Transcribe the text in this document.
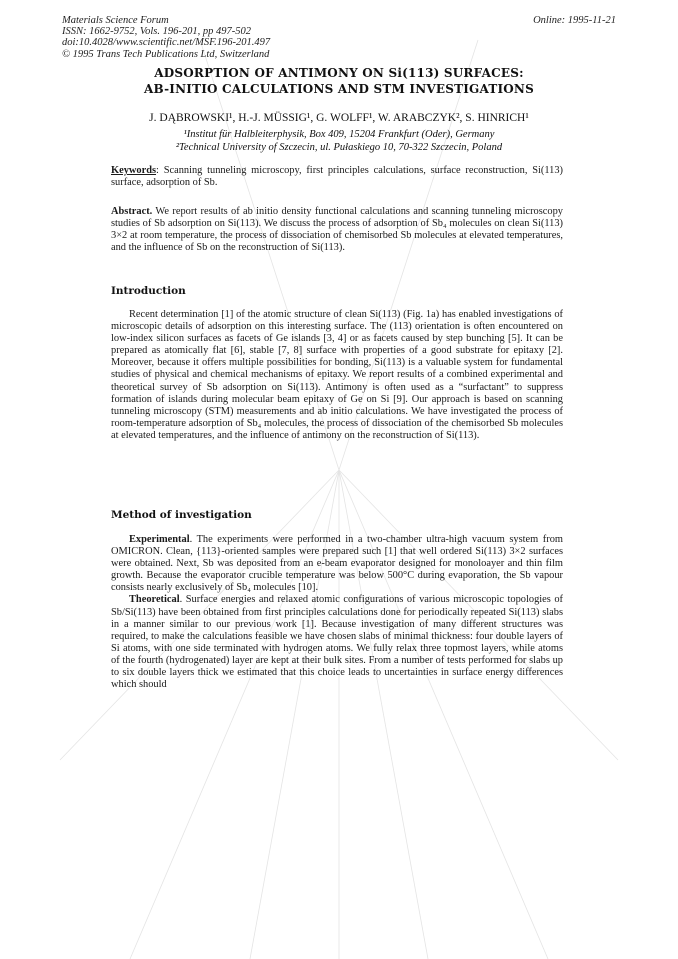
Materials Science Forum
ISSN: 1662-9752, Vols. 196-201, pp 497-502
doi:10.4028/www.scientific.net/MSF.196-201.497
© 1995 Trans Tech Publications Ltd, Switzerland
Online: 1995-11-21
ADSORPTION OF ANTIMONY ON Si(113) SURFACES:
AB-INITIO CALCULATIONS AND STM INVESTIGATIONS
J. DĄBROWSKI¹, H.-J. MÜSSIG¹, G. WOLFF¹, W. ARABCZYK², S. HINRICH¹
¹Institut für Halbleiterphysik, Box 409, 15204 Frankfurt (Oder), Germany
²Technical University of Szczecin, ul. Pułaskiego 10, 70-322 Szczecin, Poland

Keywords: Scanning tunneling microscopy, first principles calculations, surface reconstruction, Si(113) surface, adsorption of Sb.

Abstract. We report results of ab initio density functional calculations and scanning tunneling microscopy studies of Sb adsorption on Si(113). We discuss the process of adsorption of Sb₄ molecules on clean Si(113) 3×2 at room temperature, the process of dissociation of chemisorbed Sb molecules at elevated temperatures, and the influence of Sb on the reconstruction of Si(113).

Introduction

Recent determination [1] of the atomic structure of clean Si(113) (Fig. 1a) has enabled investigations of microscopic details of adsorption on this interesting surface. The (113) orientation is often encountered on low-index silicon surfaces as facets of Ge islands [3, 4] or as facets caused by step bunching [5]. It can be prepared as atomically flat [6], stable [7, 8] surface with properties of a good substrate for epitaxy [2]. Moreover, because it offers multiple possibilities for bonding, Si(113) is a valuable system for fundamental studies of physical and chemical mechanisms of epitaxy. We report results of a combined experimental and theoretical survey of Sb adsorption on Si(113). Antimony is often used as a “surfactant” to suppress formation of islands during molecular beam epitaxy of Ge on Si [9]. Our approach is based on scanning tunneling microscopy (STM) measurements and ab initio calculations. We have investigated the process of room-temperature adsorption of Sb₄ molecules, the process of dissociation of the chemisorbed Sb molecules at elevated temperatures, and the influence of antimony on the reconstruction of Si(113).

Method of investigation

Experimental. The experiments were performed in a two-chamber ultra-high vacuum system from OMICRON. Clean, {113}-oriented samples were prepared such [1] that well ordered Si(113) 3×2 surfaces were obtained. Next, Sb was deposited from an e-beam evaporator designed for monoloayer and thin film growth. Because the evaporator crucible temperature was below 500°C during evaporation, the Sb vapour consists nearly exclusively of Sb₄ molecules [10].

Theoretical. Surface energies and relaxed atomic configurations of various microscopic topologies of Sb/Si(113) have been obtained from first principles calculations done for periodically repeated Si(113) slabs in a manner similar to our previous work [1]. Because investigation of many different structures was required, to make the calculations feasible we have chosen slabs of minimal thickness: four double layers of Si atoms, with one side terminated with hydrogen atoms. We fully relax three topmost layers, while atoms of the fourth (hydrogenated) layer are kept at their bulk sites. From a number of tests performed for slabs up to six double layers thick we estimated that this choice leads to uncertainties in surface energy differences which should
